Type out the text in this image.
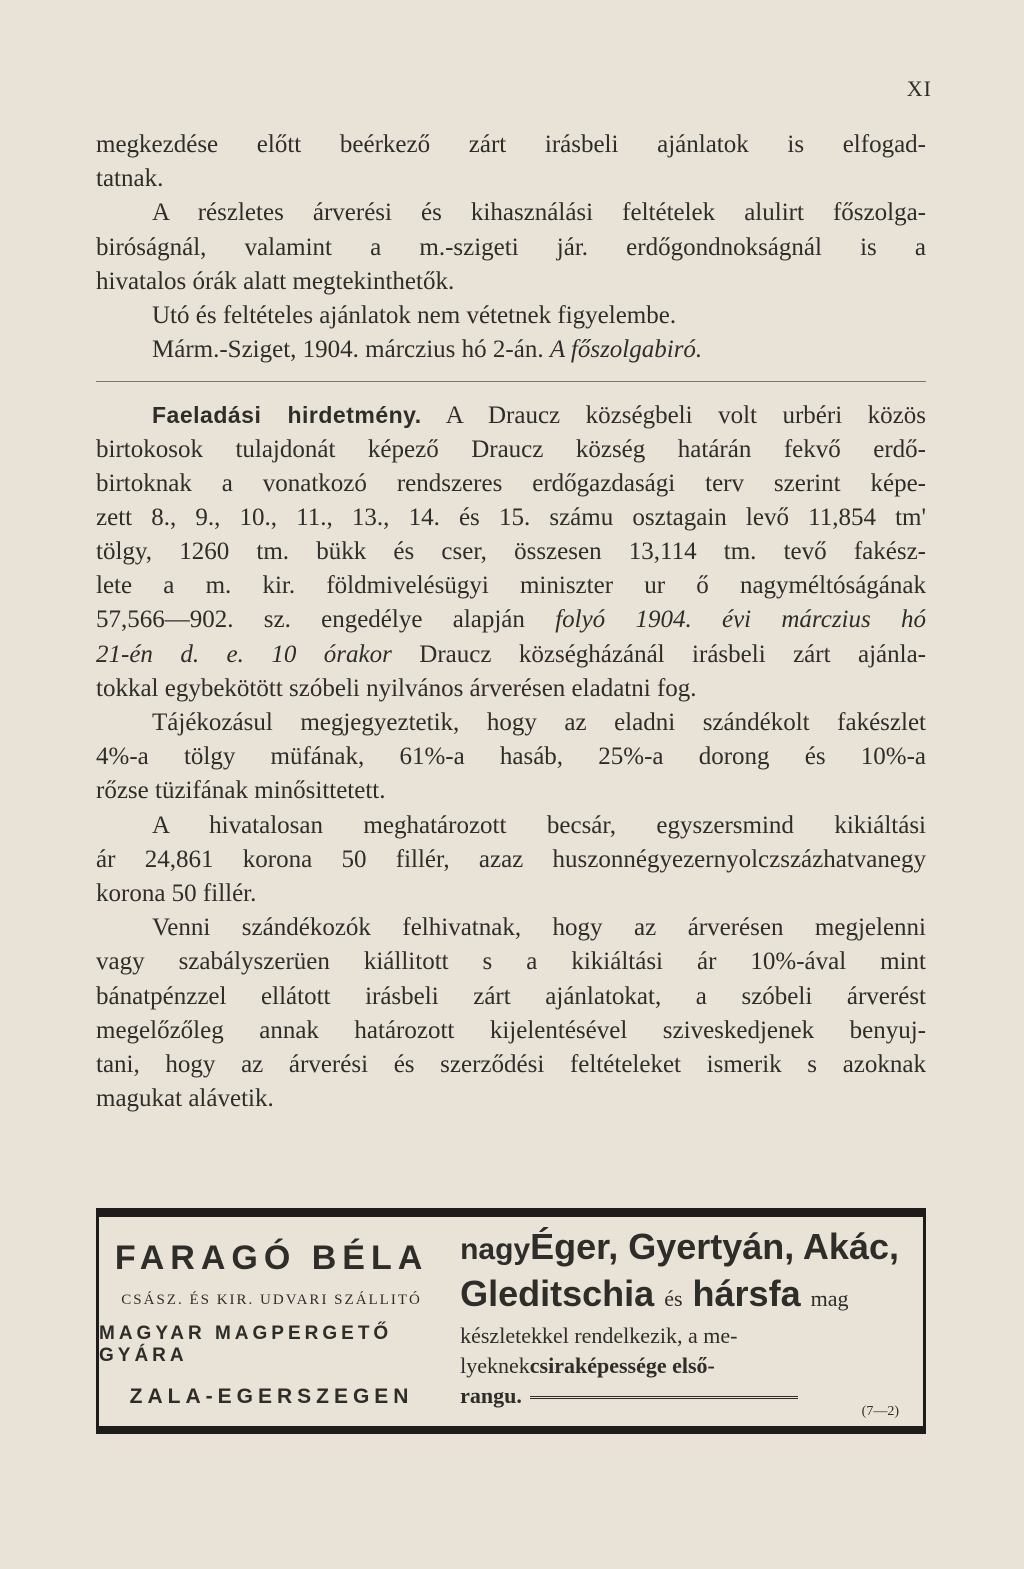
XI
megkezdése előtt beérkező zárt irásbeli ajánlatok is elfogad-
tatnak.
A részletes árverési és kihasználási feltételek alulirt főszolga-
biróságnál, valamint a m.-szigeti jár. erdőgondnokságnál is a
hivatalos órák alatt megtekinthetők.
Utó és feltételes ajánlatok nem vétetnek figyelembe.
Márm.-Sziget, 1904. márczius hó 2-án. A főszolgabiró.
Faeladási hirdetmény. A Draucz községbeli volt urbéri közös
birtokosok tulajdonát képező Draucz község határán fekvő erdő-
birtoknak a vonatkozó rendszeres erdőgazdasági terv szerint képe-
zett 8., 9., 10., 11., 13., 14. és 15. számu osztagain levő 11,854 tm'
tölgy, 1260 tm. bükk és cser, összesen 13,114 tm. tevő fakész-
lete a m. kir. földmivelésügyi miniszter ur ő nagyméltóságának
57,566—902. sz. engedélye alapján folyó 1904. évi márczius hó
21-én d. e. 10 órakor Draucz községházánál irásbeli zárt ajánla-
tokkal egybekötött szóbeli nyilvános árverésen eladatni fog.
Tájékozásul megjegyeztetik, hogy az eladni szándékolt fakészlet
4%-a tölgy müfának, 61%-a hasáb, 25%-a dorong és 10%-a
rőzse tüzifának minősittetett.
A hivatalosan meghatározott becsár, egyszersmind kikiáltási
ár 24,861 korona 50 fillér, azaz huszonnégyezernyolczszázhatvanegy
korona 50 fillér.
Venni szándékozók felhivatnak, hogy az árverésen megjelenni
vagy szabályszerüen kiállitott s a kikiáltási ár 10%-ával mint
bánatpénzzel ellátott irásbeli zárt ajánlatokat, a szóbeli árverést
megelőzőleg annak határozott kijelentésével sziveskedjenek benyuj-
tani, hogy az árverési és szerződési feltételeket ismerik s azoknak
magukat alávetik.
FARAGÓ BÉLA
CSÁSZ. ÉS KIR. UDVARI SZÁLLITÓ
MAGYAR MAGPERGETŐ GYÁRA
ZALA-EGERSZEGEN
nagyÉger, Gyertyán, Akác,
Gleditschia és hársfa mag
készletekkel rendelkezik, a me-
lyeknekcsiraképessége első-
rangu.
(7—2)
